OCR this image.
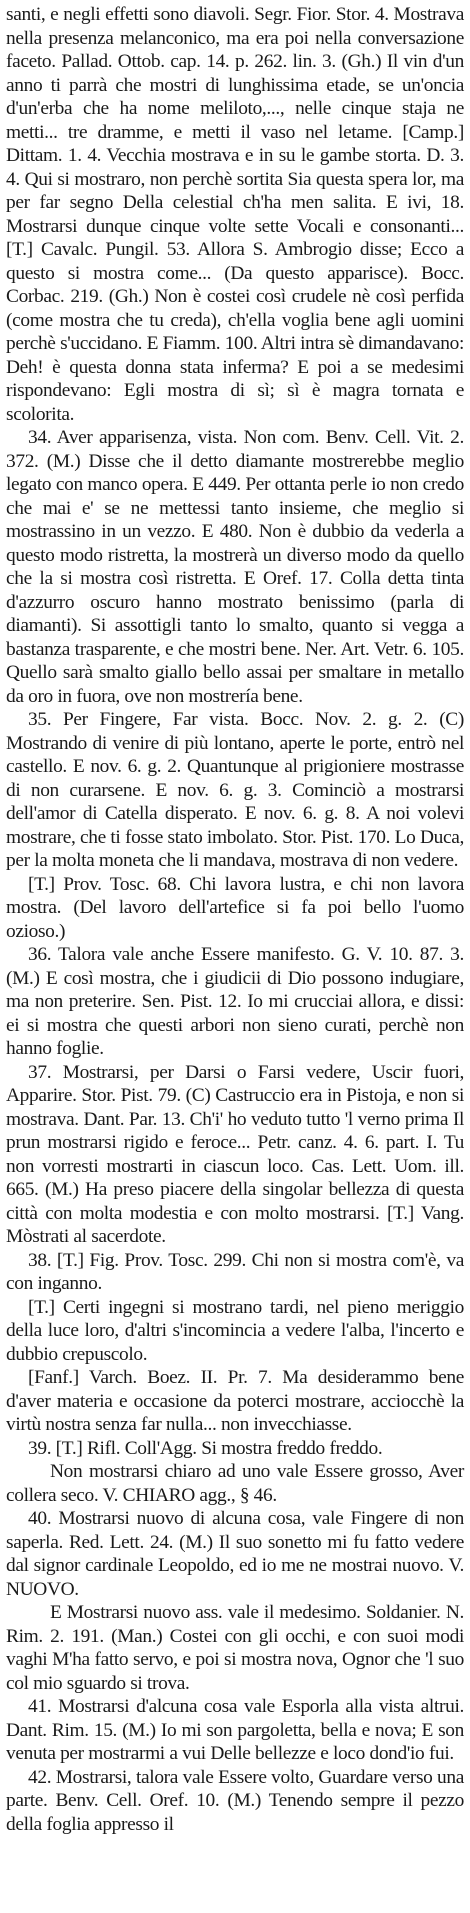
santi, e negli effetti sono diavoli. Segr. Fior. Stor. 4. Mostrava nella presenza melanconico, ma era poi nella conversazione faceto. Pallad. Ottob. cap. 14. p. 262. lin. 3. (Gh.) Il vin d'un anno ti parrà che mostri di lunghissima etade, se un'oncia d'un'erba che ha nome meliloto,..., nelle cinque staja ne metti... tre dramme, e metti il vaso nel letame. [Camp.] Dittam. 1. 4. Vecchia mostrava e in su le gambe storta. D. 3. 4. Qui si mostraro, non perchè sortita Sia questa spera lor, ma per far segno Della celestial ch'ha men salita. E ivi, 18. Mostrarsi dunque cinque volte sette Vocali e consonanti... [T.] Cavalc. Pungil. 53. Allora S. Ambrogio disse; Ecco a questo si mostra come... (Da questo apparisce). Bocc. Corbac. 219. (Gh.) Non è costei così crudele nè così perfida (come mostra che tu creda), ch'ella voglia bene agli uomini perchè s'uccidano. E Fiamm. 100. Altri intra sè dimandavano: Deh! è questa donna stata inferma? E poi a se medesimi rispondevano: Egli mostra di sì; sì è magra tornata e scolorita.

34. Aver apparisenza, vista. Non com. Benv. Cell. Vit. 2. 372. (M.) Disse che il detto diamante mostrerebbe meglio legato con manco opera. E 449. Per ottanta perle io non credo che mai e' se ne mettessi tanto insieme, che meglio si mostrassino in un vezzo. E 480. Non è dubbio da vederla a questo modo ristretta, la mostrerà un diverso modo da quello che la si mostra così ristretta. E Oref. 17. Colla detta tinta d'azzurro oscuro hanno mostrato benissimo (parla di diamanti). Si assottigli tanto lo smalto, quanto si vegga a bastanza trasparente, e che mostri bene. Ner. Art. Vetr. 6. 105. Quello sarà smalto giallo bello assai per smaltare in metallo da oro in fuora, ove non mostrería bene.

35. Per Fingere, Far vista. Bocc. Nov. 2. g. 2. (C) Mostrando di venire di più lontano, aperte le porte, entrò nel castello. E nov. 6. g. 2. Quantunque al prigioniere mostrasse di non curarsene. E nov. 6. g. 3. Cominciò a mostrarsi dell'amor di Catella disperato. E nov. 6. g. 8. A noi volevi mostrare, che ti fosse stato imbolato. Stor. Pist. 170. Lo Duca, per la molta moneta che li mandava, mostrava di non vedere.

[T.] Prov. Tosc. 68. Chi lavora lustra, e chi non lavora mostra. (Del lavoro dell'artefice si fa poi bello l'uomo ozioso.)

36. Talora vale anche Essere manifesto. G. V. 10. 87. 3. (M.) E così mostra, che i giudicii di Dio possono indugiare, ma non preterire. Sen. Pist. 12. Io mi crucciai allora, e dissi: ei si mostra che questi arbori non sieno curati, perchè non hanno foglie.

37. Mostrarsi, per Darsi o Farsi vedere, Uscir fuori, Apparire. Stor. Pist. 79. (C) Castruccio era in Pistoja, e non si mostrava. Dant. Par. 13. Ch'i' ho veduto tutto 'l verno prima Il prun mostrarsi rigido e feroce... Petr. canz. 4. 6. part. I. Tu non vorresti mostrarti in ciascun loco. Cas. Lett. Uom. ill. 665. (M.) Ha preso piacere della singolar bellezza di questa città con molta modestia e con molto mostrarsi. [T.] Vang. Mòstrati al sacerdote.

38. [T.] Fig. Prov. Tosc. 299. Chi non si mostra com'è, va con inganno.

[T.] Certi ingegni si mostrano tardi, nel pieno meriggio della luce loro, d'altri s'incomincia a vedere l'alba, l'incerto e dubbio crepuscolo.

[Fanf.] Varch. Boez. II. Pr. 7. Ma desiderammo bene d'aver materia e occasione da poterci mostrare, acciocchè la virtù nostra senza far nulla... non invecchiasse.

39. [T.] Rifl. Coll'Agg. Si mostra freddo freddo.

Non mostrarsi chiaro ad uno vale Essere grosso, Aver collera seco. V. CHIARO agg., § 46.

40. Mostrarsi nuovo di alcuna cosa, vale Fingere di non saperla. Red. Lett. 24. (M.) Il suo sonetto mi fu fatto vedere dal signor cardinale Leopoldo, ed io me ne mostrai nuovo. V. NUOVO.

E Mostrarsi nuovo ass. vale il medesimo. Soldanier. N. Rim. 2. 191. (Man.) Costei con gli occhi, e con suoi modi vaghi M'ha fatto servo, e poi si mostra nova, Ognor che 'l suo col mio sguardo si trova.

41. Mostrarsi d'alcuna cosa vale Esporla alla vista altrui. Dant. Rim. 15. (M.) Io mi son pargoletta, bella e nova; E son venuta per mostrarmi a vui Delle bellezze e loco dond'io fui.

42. Mostrarsi, talora vale Essere volto, Guardare verso una parte. Benv. Cell. Oref. 10. (M.) Tenendo sempre il pezzo della foglia appresso il
